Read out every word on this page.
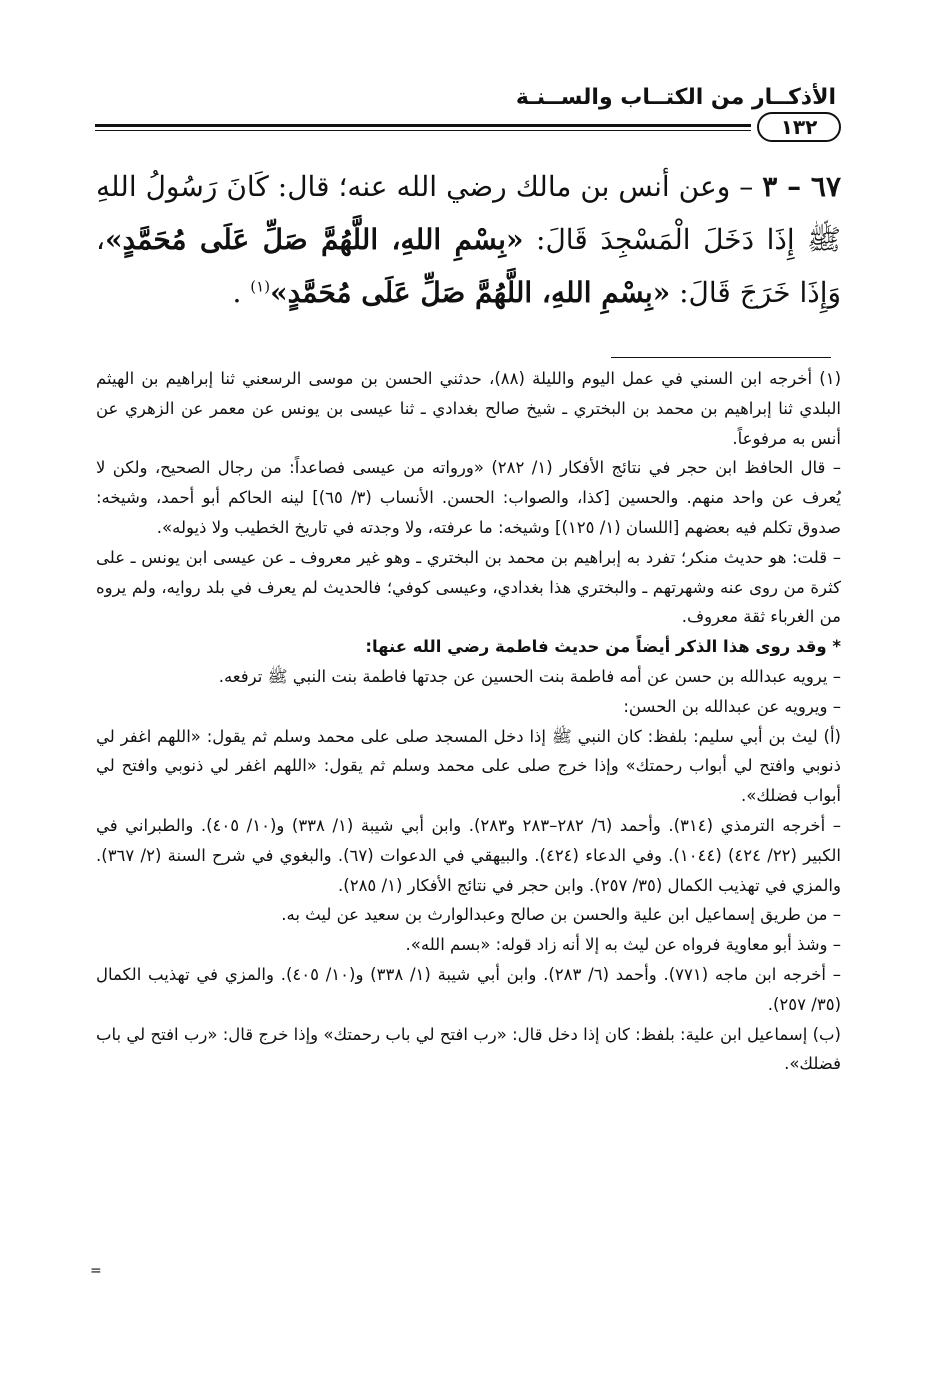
الأذكــار من الكتــاب والســنـة
١٣٢
٦٧ – ٣ – وعن أنس بن مالك رضي الله عنه؛ قال: كَانَ رَسُولُ اللهِ ﷺ إِذَا دَخَلَ الْمَسْجِدَ قَالَ: «بِسْمِ اللهِ، اللَّهُمَّ صَلِّ عَلَى مُحَمَّدٍ»، وَإِذَا خَرَجَ قَالَ: «بِسْمِ اللهِ، اللَّهُمَّ صَلِّ عَلَى مُحَمَّدٍ»$^{(١)}$ .

(١) أخرجه ابن السني في عمل اليوم والليلة (٨٨)، حدثني الحسن بن موسى الرسعني ثنا إبراهيم بن الهيثم البلدي ثنا إبراهيم بن محمد بن البختري ـ شيخ صالح بغدادي ـ ثنا عيسى بن يونس عن معمر عن الزهري عن أنس به مرفوعاً.

– قال الحافظ ابن حجر في نتائج الأفكار (١/ ٢٨٢) «ورواته من عيسى فصاعداً: من رجال الصحيح، ولكن لا يُعرف عن واحد منهم. والحسين [كذا، والصواب: الحسن. الأنساب (٣/ ٦٥)] لينه الحاكم أبو أحمد، وشيخه: صدوق تكلم فيه بعضهم [اللسان (١/ ١٢٥)] وشيخه: ما عرفته، ولا وجدته في تاريخ الخطيب ولا ذيوله».

– قلت: هو حديث منكر؛ تفرد به إبراهيم بن محمد بن البختري ـ وهو غير معروف ـ عن عيسى ابن يونس ـ على كثرة من روى عنه وشهرتهم ـ والبختري هذا بغدادي، وعيسى كوفي؛ فالحديث لم يعرف في بلد روايه، ولم يروه من الغرباء ثقة معروف.

* وقد روى هذا الذكر أيضاً من حديث فاطمة رضي الله عنها:

– يرويه عبدالله بن حسن عن أمه فاطمة بنت الحسين عن جدتها فاطمة بنت النبي ﷺ ترفعه.

– ويرويه عن عبدالله بن الحسن:

(أ) ليث بن أبي سليم: بلفظ: كان النبي ﷺ إذا دخل المسجد صلى على محمد وسلم ثم يقول: «اللهم اغفر لي ذنوبي وافتح لي أبواب رحمتك» وإذا خرج صلى على محمد وسلم ثم يقول: «اللهم اغفر لي ذنوبي وافتح لي أبواب فضلك».

– أخرجه الترمذي (٣١٤). وأحمد (٦/ ٢٨٢–٢٨٣ و٢٨٣). وابن أبي شيبة (١/ ٣٣٨) و(١٠/ ٤٠٥). والطبراني في الكبير (٢٢/ ٤٢٤) (١٠٤٤). وفي الدعاء (٤٢٤). والبيهقي في الدعوات (٦٧). والبغوي في شرح السنة (٢/ ٣٦٧). والمزي في تهذيب الكمال (٣٥/ ٢٥٧). وابن حجر في نتائج الأفكار (١/ ٢٨٥).

– من طريق إسماعيل ابن علية والحسن بن صالح وعبدالوارث بن سعيد عن ليث به.

– وشذ أبو معاوية فرواه عن ليث به إلا أنه زاد قوله: «بسم الله».

– أخرجه ابن ماجه (٧٧١). وأحمد (٦/ ٢٨٣). وابن أبي شيبة (١/ ٣٣٨) و(١٠/ ٤٠٥). والمزي في تهذيب الكمال (٣٥/ ٢٥٧).

(ب) إسماعيل ابن علية: بلفظ: كان إذا دخل قال: «رب افتح لي باب رحمتك» وإذا خرج قال: «رب افتح لي باب فضلك».

=
